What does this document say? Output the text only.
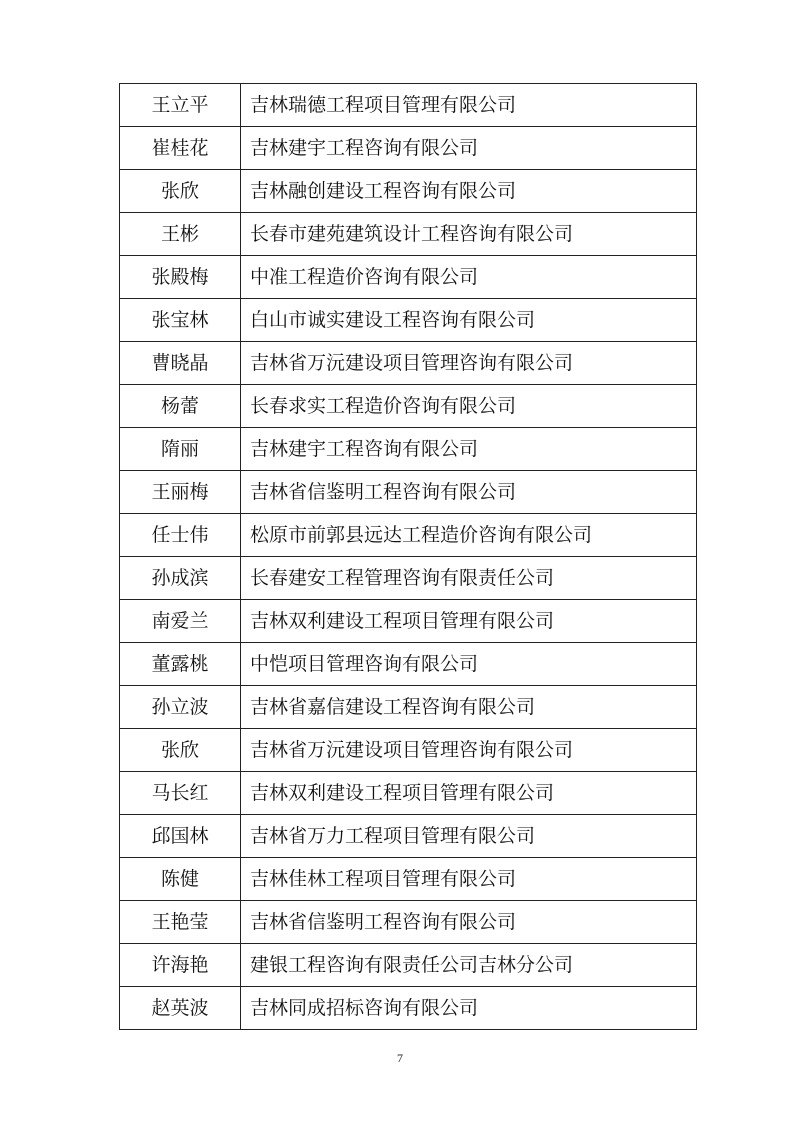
王立平	吉林瑞德工程项目管理有限公司
崔桂花	吉林建宇工程咨询有限公司
张欣	吉林融创建设工程咨询有限公司
王彬	长春市建苑建筑设计工程咨询有限公司
张殿梅	中准工程造价咨询有限公司
张宝林	白山市诚实建设工程咨询有限公司
曹晓晶	吉林省万沅建设项目管理咨询有限公司
杨蕾	长春求实工程造价咨询有限公司
隋丽	吉林建宇工程咨询有限公司
王丽梅	吉林省信鉴明工程咨询有限公司
任士伟	松原市前郭县远达工程造价咨询有限公司
孙成滨	长春建安工程管理咨询有限责任公司
南爱兰	吉林双利建设工程项目管理有限公司
董露桃	中恺项目管理咨询有限公司
孙立波	吉林省嘉信建设工程咨询有限公司
张欣	吉林省万沅建设项目管理咨询有限公司
马长红	吉林双利建设工程项目管理有限公司
邱国林	吉林省万力工程项目管理有限公司
陈健	吉林佳林工程项目管理有限公司
王艳莹	吉林省信鉴明工程咨询有限公司
许海艳	建银工程咨询有限责任公司吉林分公司
赵英波	吉林同成招标咨询有限公司
7
